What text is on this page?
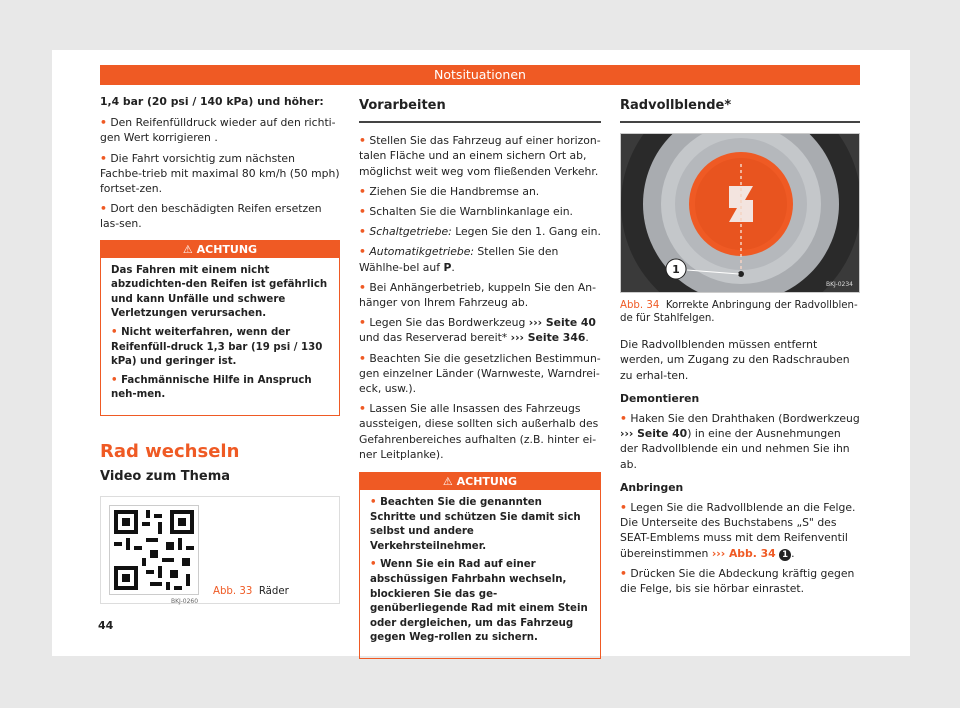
Notsituationen

1,4 bar (20 psi / 140 kPa) und höher:

• Den Reifenfülldruck wieder auf den richti-gen Wert korrigieren .

• Die Fahrt vorsichtig zum nächsten Fachbe-trieb mit maximal 80 km/h (50 mph) fortset-zen.

• Dort den beschädigten Reifen ersetzen las-sen.

⚠ ACHTUNG

Das Fahren mit einem nicht abzudichten-den Reifen ist gefährlich und kann Unfälle und schwere Verletzungen verursachen.

• Nicht weiterfahren, wenn der Reifenfüll-druck 1,3 bar (19 psi / 130 kPa) und geringer ist.

• Fachmännische Hilfe in Anspruch neh-men.

Rad wechseln
Video zum Thema
BKJ-0260
Abb. 33 Räder
Vorarbeiten

• Stellen Sie das Fahrzeug auf einer horizon-talen Fläche und an einem sichern Ort ab, möglichst weit weg vom fließenden Verkehr.

• Ziehen Sie die Handbremse an.

• Schalten Sie die Warnblinkanlage ein.

• Schaltgetriebe: Legen Sie den 1. Gang ein.

• Automatikgetriebe: Stellen Sie den Wählhe-bel auf P.

• Bei Anhängerbetrieb, kuppeln Sie den An-hänger von Ihrem Fahrzeug ab.

• Legen Sie das Bordwerkzeug ››› Seite 40 und das Reserverad bereit* ››› Seite 346.

• Beachten Sie die gesetzlichen Bestimmun-gen einzelner Länder (Warnweste, Warndrei-eck, usw.).

• Lassen Sie alle Insassen des Fahrzeugs aussteigen, diese sollten sich außerhalb des Gefahrenbereiches aufhalten (z.B. hinter ei-ner Leitplanke).

⚠ ACHTUNG

• Beachten Sie die genannten Schritte und schützen Sie damit sich selbst und andere Verkehrsteilnehmer.

• Wenn Sie ein Rad auf einer abschüssigen Fahrbahn wechseln, blockieren Sie das ge-genüberliegende Rad mit einem Stein oder dergleichen, um das Fahrzeug gegen Weg-rollen zu sichern.

Radvollblende*
1
BKJ-0234

Abb. 34 Korrekte Anbringung der Radvollblen-de für Stahlfelgen.

Die Radvollblenden müssen entfernt werden, um Zugang zu den Radschrauben zu erhal-ten.

Demontieren

• Haken Sie den Drahthaken (Bordwerkzeug ››› Seite 40) in eine der Ausnehmungen der Radvollblende ein und nehmen Sie ihn ab.

Anbringen

• Legen Sie die Radvollblende an die Felge. Die Unterseite des Buchstabens „S" des SEAT-Emblems muss mit dem Reifenventil übereinstimmen ››› Abb. 34 1 .

• Drücken Sie die Abdeckung kräftig gegen die Felge, bis sie hörbar einrastet.

44
